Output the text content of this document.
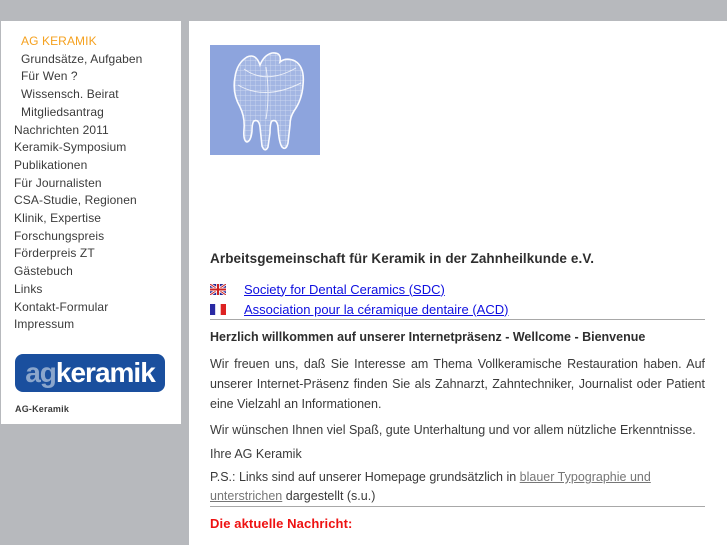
AG KERAMIK
Grundsätze, Aufgaben
Für Wen ?
Wissensch. Beirat
Mitgliedsantrag
Nachrichten 2011
Keramik-Symposium
Publikationen
Für Journalisten
CSA-Studie, Regionen
Klinik, Expertise
Forschungspreis
Förderpreis ZT
Gästebuch
Links
Kontakt-Formular
Impressum
ag keramik
AG-Keramik
Arbeitsgemeinschaft für Keramik in der Zahnheilkunde e.V.
Society for Dental Ceramics (SDC)
Association pour la céramique dentaire (ACD)
Herzlich willkommen auf unserer Internetpräsenz - Wellcome - Bienvenue

Wir freuen uns, daß Sie Interesse am Thema Vollkeramische Restauration haben. Auf unserer Internet-Präsenz finden Sie als Zahnarzt, Zahntechniker, Journalist oder Patient eine Vielzahl an Informationen.

Wir wünschen Ihnen viel Spaß, gute Unterhaltung und vor allem nützliche Erkenntnisse.

Ihre AG Keramik

P.S.: Links sind auf unserer Homepage grundsätzlich in blauer Typographie und unterstrichen dargestellt (s.u.)

Die aktuelle Nachricht:
